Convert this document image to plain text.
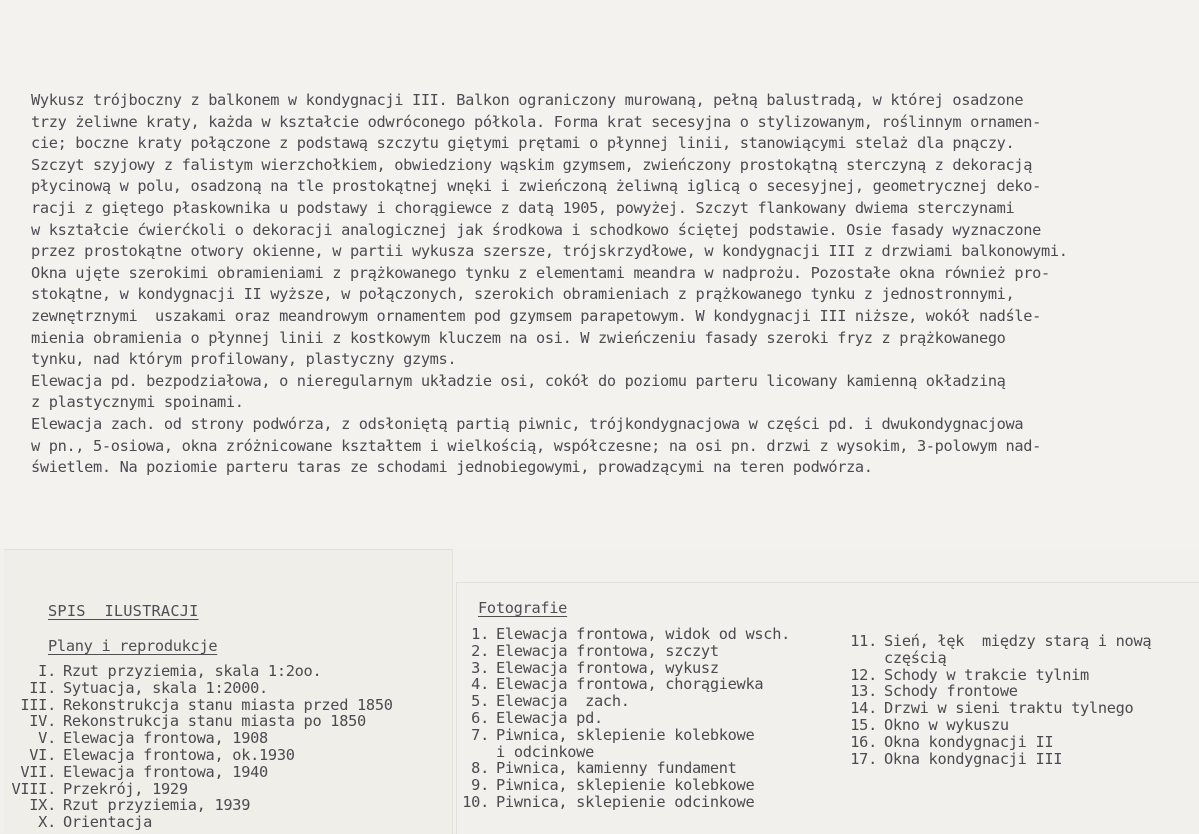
Wykusz trójboczny z balkonem w kondygnacji III. Balkon ograniczony murowaną, pełną balustradą, w której osadzone
trzy żeliwne kraty, każda w kształcie odwróconego półkola. Forma krat secesyjna o stylizowanym, roślinnym ornamen-
cie; boczne kraty połączone z podstawą szczytu giętymi prętami o płynnej linii, stanowiącymi stelaż dla pnączy.
Szczyt szyjowy z falistym wierzchołkiem, obwiedziony wąskim gzymsem, zwieńczony prostokątną sterczyną z dekoracją
płycinową w polu, osadzoną na tle prostokątnej wnęki i zwieńczoną żeliwną iglicą o secesyjnej, geometrycznej deko-
racji z giętego płaskownika u podstawy i chorągiewce z datą 1905, powyżej. Szczyt flankowany dwiema sterczynami
w kształcie ćwierćkoli o dekoracji analogicznej jak środkowa i schodkowo ściętej podstawie. Osie fasady wyznaczone
przez prostokątne otwory okienne, w partii wykusza szersze, trójskrzydłowe, w kondygnacji III z drzwiami balkonowymi.
Okna ujęte szerokimi obramieniami z prążkowanego tynku z elementami meandra w nadprożu. Pozostałe okna również pro-
stokątne, w kondygnacji II wyższe, w połączonych, szerokich obramieniach z prążkowanego tynku z jednostronnymi,
zewnętrznymi  uszakami oraz meandrowym ornamentem pod gzymsem parapetowym. W kondygnacji III niższe, wokół nadśle-
mienia obramienia o płynnej linii z kostkowym kluczem na osi. W zwieńczeniu fasady szeroki fryz z prążkowanego
tynku, nad którym profilowany, plastyczny gzyms.
Elewacja pd. bezpodziałowa, o nieregularnym układzie osi, cokół do poziomu parteru licowany kamienną okładziną
z plastycznymi spoinami.
Elewacja zach. od strony podwórza, z odsłoniętą partią piwnic, trójkondygnacjowa w części pd. i dwukondygnacjowa
w pn., 5-osiowa, okna zróżnicowane kształtem i wielkością, współczesne; na osi pn. drzwi z wysokim, 3-polowym nad-
świetlem. Na poziomie parteru taras ze schodami jednobiegowymi, prowadzącymi na teren podwórza.
SPIS  ILUSTRACJI
Plany i reprodukcje
I. Rzut przyziemia, skala 1:2oo.
II. Sytuacja, skala 1:2000.
III. Rekonstrukcja stanu miasta przed 1850
IV. Rekonstrukcja stanu miasta po 1850
V. Elewacja frontowa, 1908
VI. Elewacja frontowa, ok.1930
VII. Elewacja frontowa, 1940
VIII. Przekrój, 1929
IX. Rzut przyziemia, 1939
X. Orientacja
Fotografie
1. Elewacja frontowa, widok od wsch.
2. Elewacja frontowa, szczyt
3. Elewacja frontowa, wykusz
4. Elewacja frontowa, chorągiewka
5. Elewacja  zach.
6. Elewacja pd.
7. Piwnica, sklepienie kolebkowe
i odcinkowe
8. Piwnica, kamienny fundament
9. Piwnica, sklepienie kolebkowe
10. Piwnica, sklepienie odcinkowe
11. Sień, łęk  między starą i nową
częścią
12. Schody w trakcie tylnim
13. Schody frontowe
14. Drzwi w sieni traktu tylnego
15. Okno w wykuszu
16. Okna kondygnacji II
17. Okna kondygnacji III
